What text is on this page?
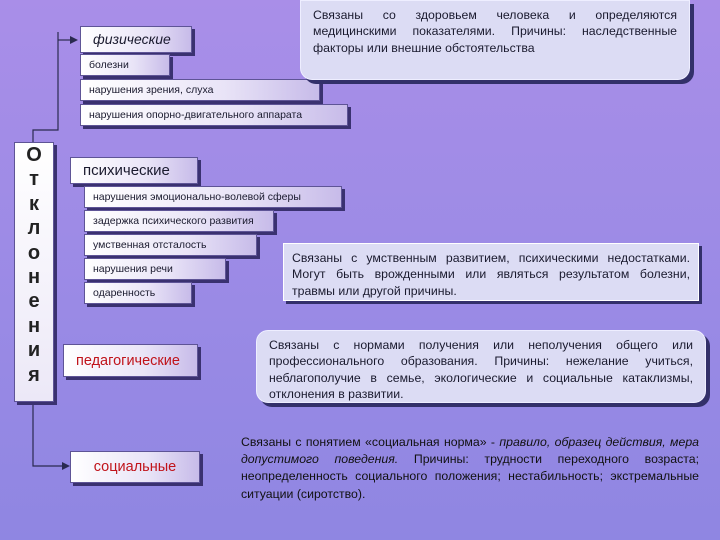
О
т
к
л
о
н
е
н
и
я
физические
болезни
нарушения зрения, слуха
нарушения опорно-двигательного аппарата
Связаны со здоровьем человека и определяются медицинскими показателями. Причины: наследственные факторы или внешние обстоятельства
психические
нарушения эмоционально-волевой сферы
задержка психического развития
умственная отсталость
нарушения речи
одаренность
Связаны с умственным развитием, психическими недостатками. Могут быть врожденными или являться результатом болезни, травмы или другой причины.
педагогические
Связаны с нормами получения или неполучения общего или профессионального образования. Причины: нежелание учиться, неблагополучие в семье, экологические и социальные катаклизмы, отклонения в развитии.
социальные
Связаны с понятием «социальная норма» - правило, образец действия, мера допустимого поведения. Причины: трудности переходного возраста; неопределенность социального положения; нестабильность; экстремальные ситуации (сиротство).
